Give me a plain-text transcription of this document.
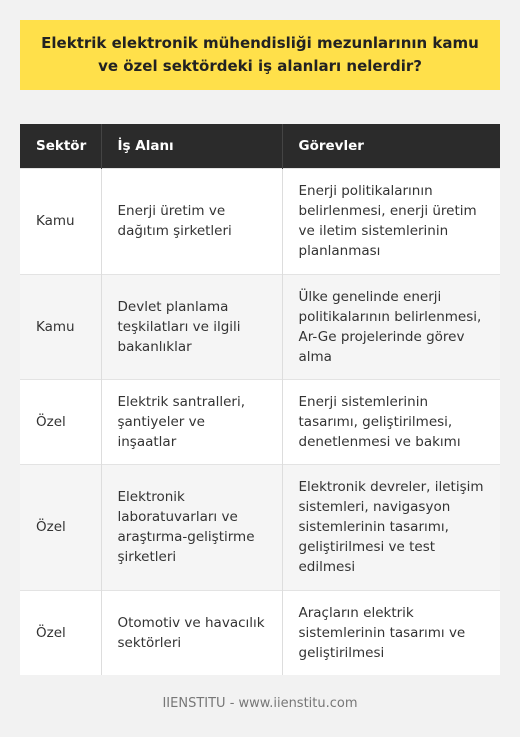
Elektrik elektronik mühendisliği mezunlarının kamu ve özel sektördeki iş alanları nelerdir?
Sektör	İş Alanı	Görevler
Kamu	Enerji üretim ve dağıtım şirketleri	Enerji politikalarının belirlenmesi, enerji üretim ve iletim sistemlerinin planlanması
Kamu	Devlet planlama teşkilatları ve ilgili bakanlıklar	Ülke genelinde enerji politikalarının belirlenmesi, Ar-Ge projelerinde görev alma
Özel	Elektrik santralleri, şantiyeler ve inşaatlar	Enerji sistemlerinin tasarımı, geliştirilmesi, denetlenmesi ve bakımı
Özel	Elektronik laboratuvarları ve araştırma-geliştirme şirketleri	Elektronik devreler, iletişim sistemleri, navigasyon sistemlerinin tasarımı, geliştirilmesi ve test edilmesi
Özel	Otomotiv ve havacılık sektörleri	Araçların elektrik sistemlerinin tasarımı ve geliştirilmesi
IIENSTITU - www.iienstitu.com
